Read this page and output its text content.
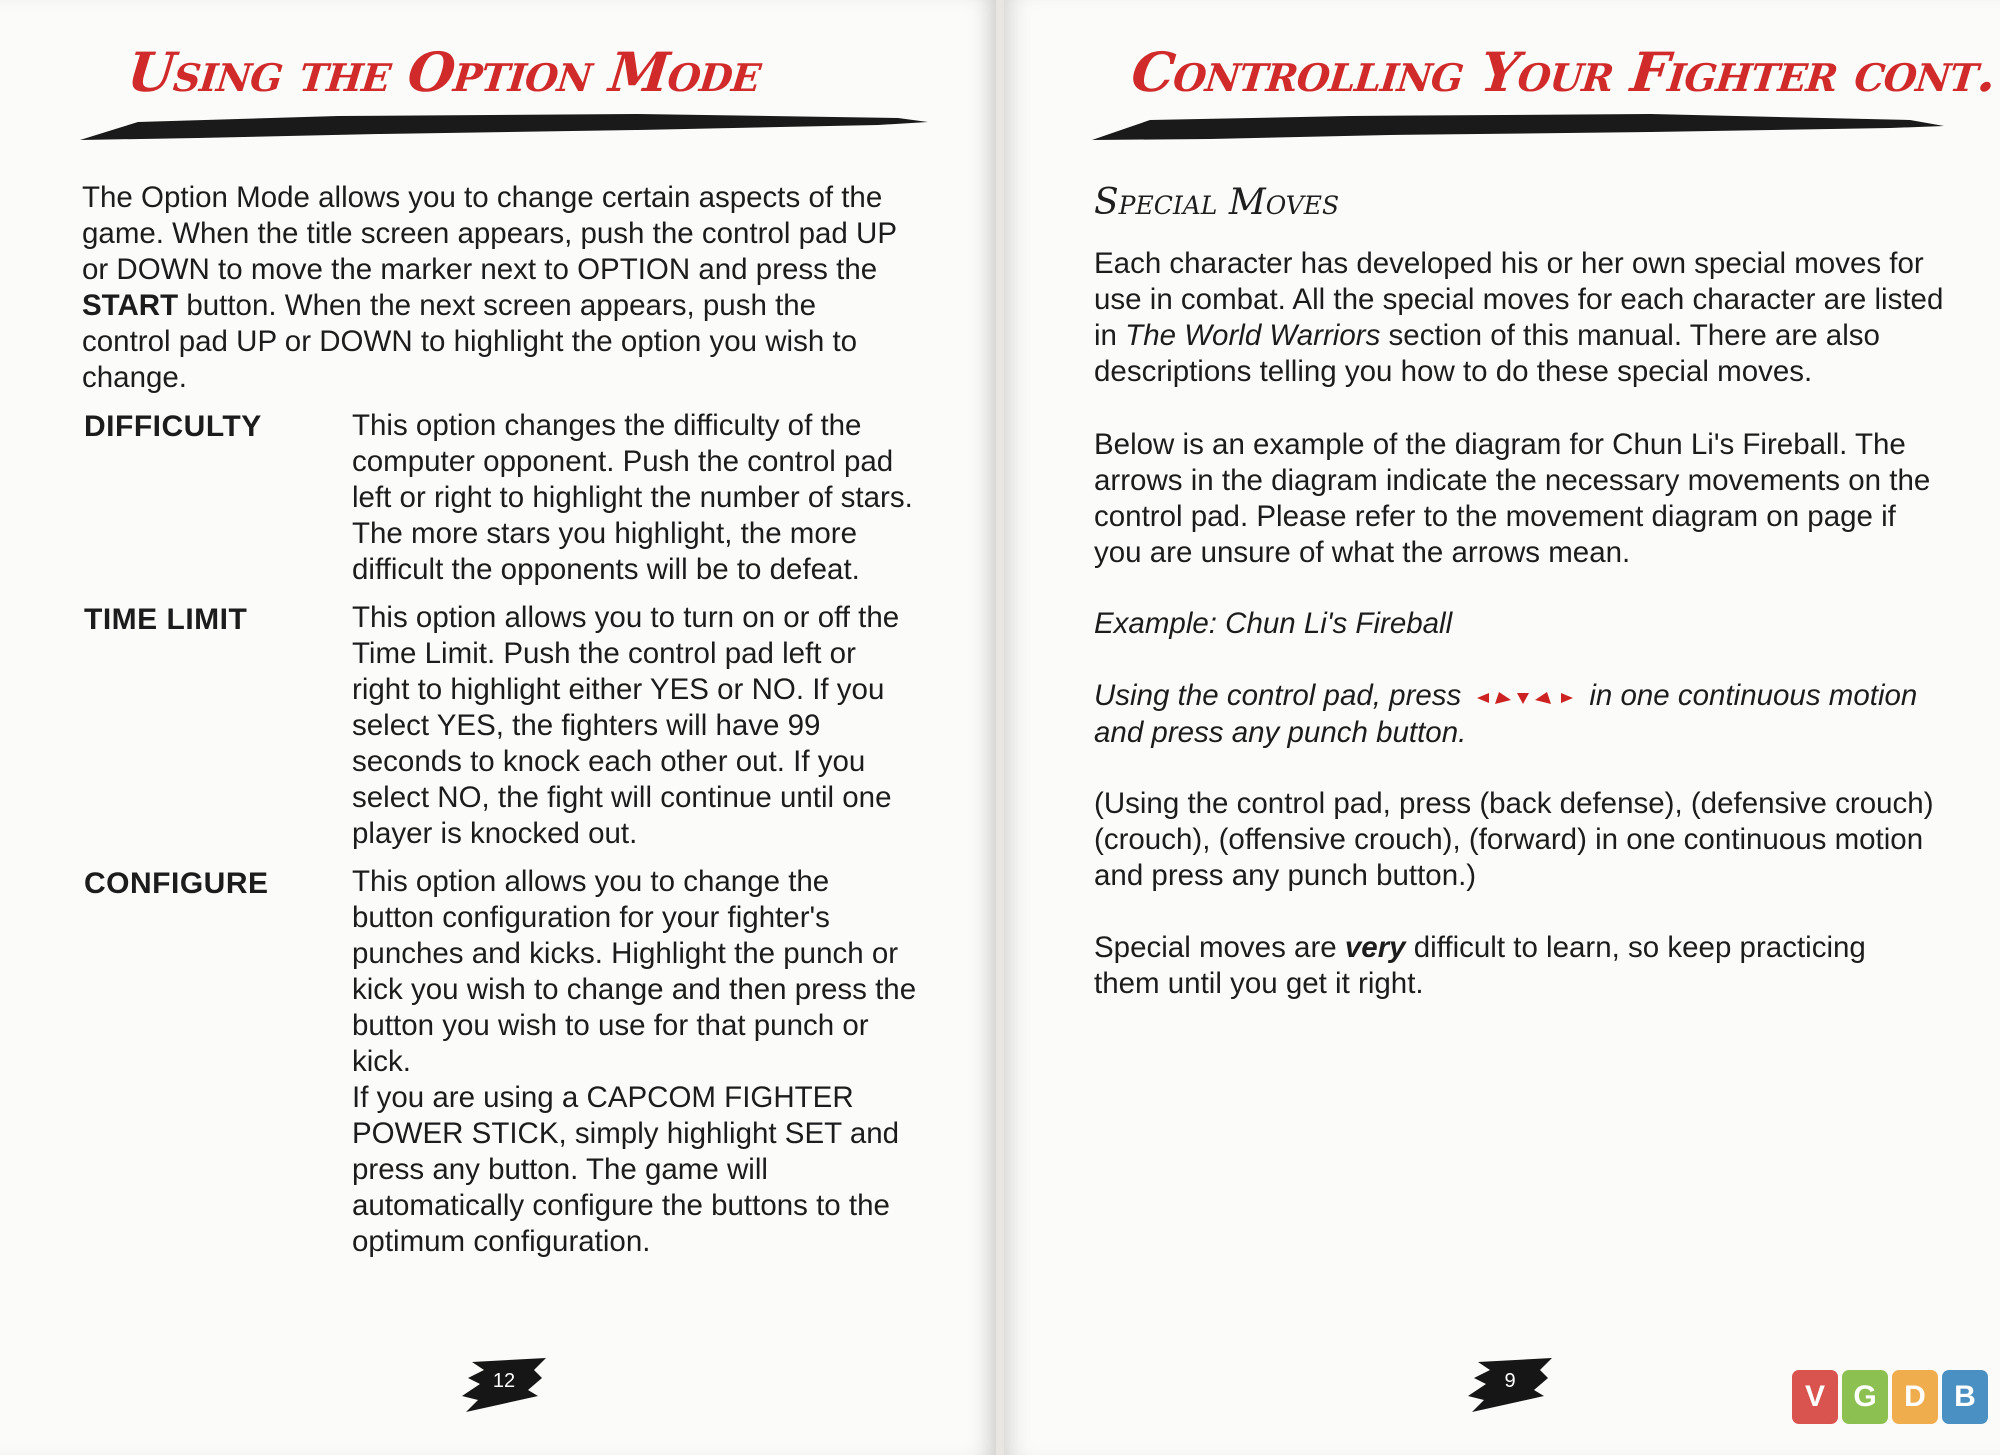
Using the Option Mode

The Option Mode allows you to change certain aspects of the game. When the title screen appears, push the control pad UP or DOWN to move the marker next to OPTION and press the START button. When the next screen appears, push the control pad UP or DOWN to highlight the option you wish to change.

DIFFICULTY	This option changes the difficulty of the computer opponent. Push the control pad left or right to highlight the number of stars. The more stars you highlight, the more difficult the opponents will be to defeat.

TIME LIMIT	This option allows you to turn on or off the Time Limit. Push the control pad left or right to highlight either YES or NO. If you select YES, the fighters will have 99 seconds to knock each other out. If you select NO, the fight will continue until one player is knocked out.

CONFIGURE	This option allows you to change the button configuration for your fighter's punches and kicks. Highlight the punch or kick you wish to change and then press the button you wish to use for that punch or kick.

If you are using a CAPCOM FIGHTER POWER STICK, simply highlight SET and press any button. The game will automatically configure the buttons to the optimum configuration.

12
Controlling Your Fighter cont.
Special Moves

Each character has developed his or her own special moves for use in combat. All the special moves for each character are listed in The World Warriors section of this manual. There are also descriptions telling you how to do these special moves.

Below is an example of the diagram for Chun Li's Fireball. The arrows in the diagram indicate the necessary movements on the control pad. Please refer to the movement diagram on page if you are unsure of what the arrows mean.

Example: Chun Li's Fireball

Using the control pad, press	in one continuous motion and press any punch button.

(Using the control pad, press (back defense), (defensive crouch) (crouch), (offensive crouch), (forward) in one continuous motion and press any punch button.)

Special moves are very difficult to learn, so keep practicing them until you get it right.

9	V G D B
